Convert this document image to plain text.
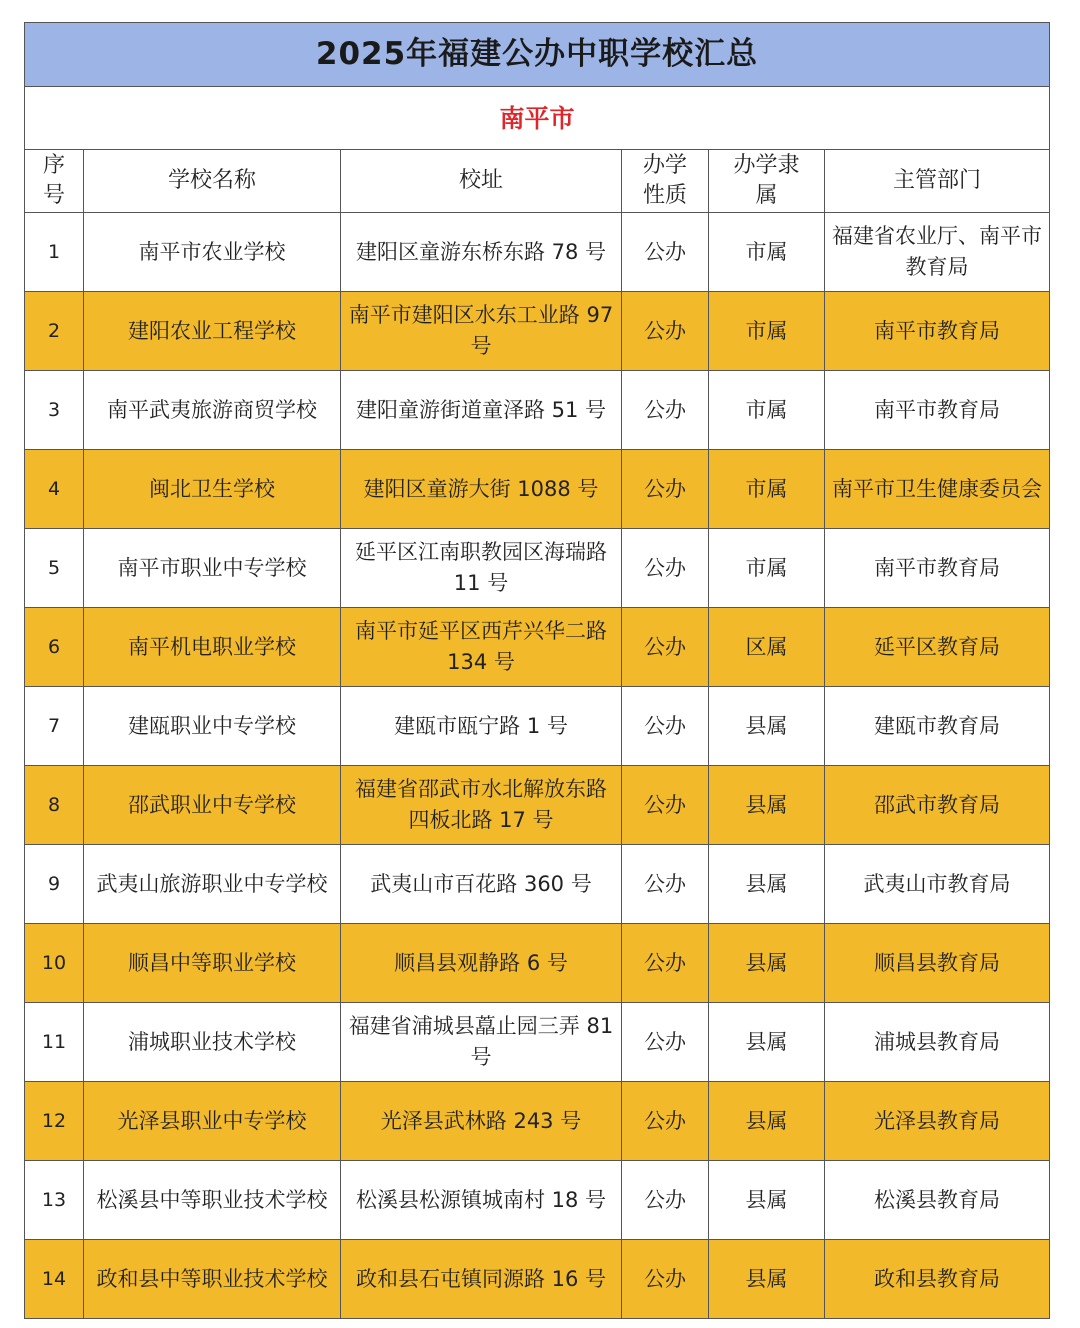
2025年福建公办中职学校汇总					
南平市					
序号	学校名称	校址	办学性质	办学隶属	主管部门
1	南平市农业学校	建阳区童游东桥东路 78 号	公办	市属	福建省农业厅、南平市教育局
2	建阳农业工程学校	南平市建阳区水东工业路 97 号	公办	市属	南平市教育局
3	南平武夷旅游商贸学校	建阳童游街道童泽路 51 号	公办	市属	南平市教育局
4	闽北卫生学校	建阳区童游大街 1088 号	公办	市属	南平市卫生健康委员会
5	南平市职业中专学校	延平区江南职教园区海瑞路 11 号	公办	市属	南平市教育局
6	南平机电职业学校	南平市延平区西芹兴华二路 134 号	公办	区属	延平区教育局
7	建瓯职业中专学校	建瓯市瓯宁路 1 号	公办	县属	建瓯市教育局
8	邵武职业中专学校	福建省邵武市水北解放东路四板北路 17 号	公办	县属	邵武市教育局
9	武夷山旅游职业中专学校	武夷山市百花路 360 号	公办	县属	武夷山市教育局
10	顺昌中等职业学校	顺昌县观静路 6 号	公办	县属	顺昌县教育局
11	浦城职业技术学校	福建省浦城县藠止园三弄 81 号	公办	县属	浦城县教育局
12	光泽县职业中专学校	光泽县武林路 243 号	公办	县属	光泽县教育局
13	松溪县中等职业技术学校	松溪县松源镇城南村 18 号	公办	县属	松溪县教育局
14	政和县中等职业技术学校	政和县石屯镇同源路 16 号	公办	县属	政和县教育局
